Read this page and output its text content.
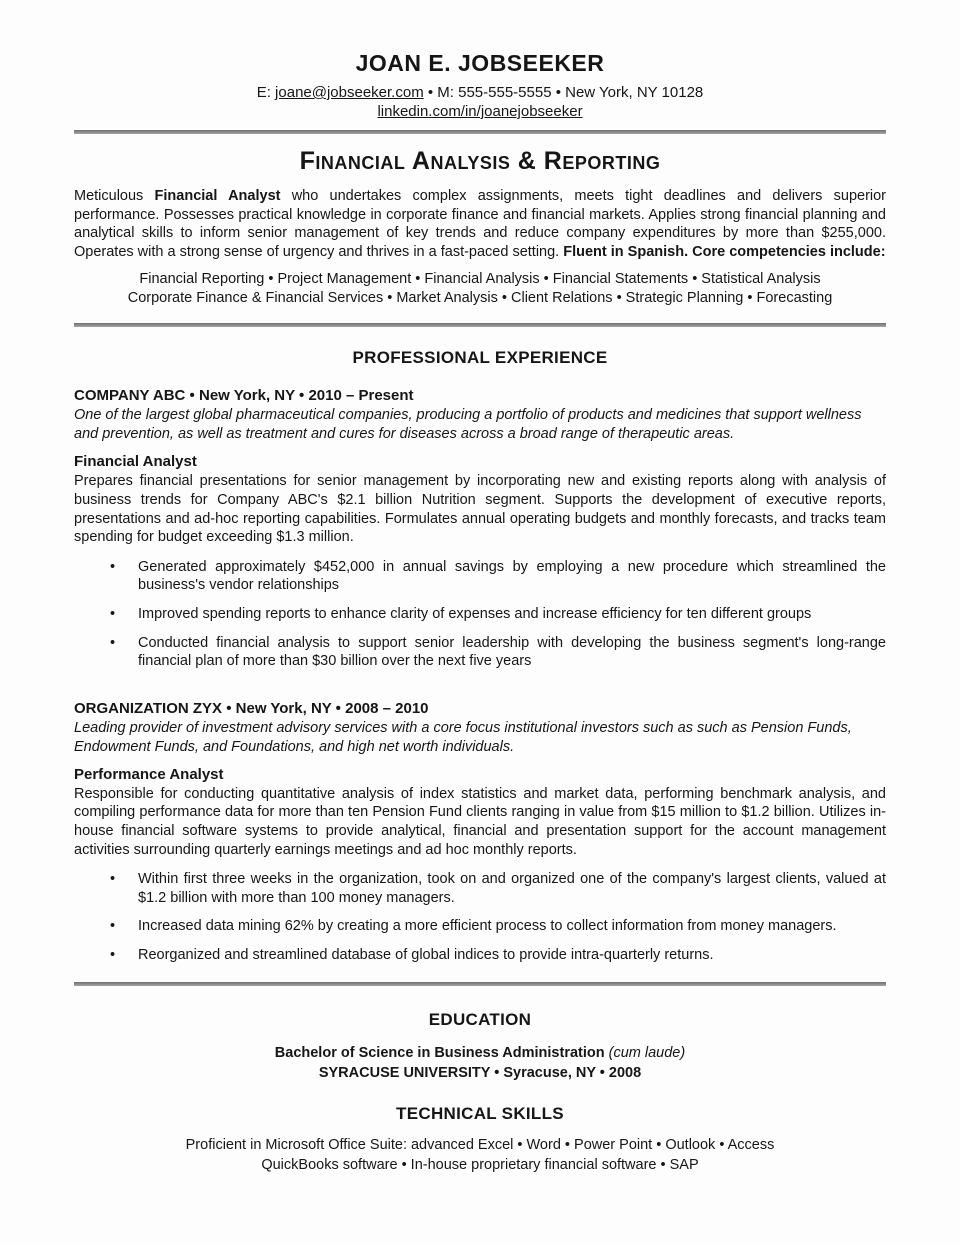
JOAN E. JOBSEEKER
E: joane@jobseeker.com • M: 555-555-5555 • New York, NY 10128
linkedin.com/in/joanejobseeker
Financial Analysis & Reporting

Meticulous Financial Analyst who undertakes complex assignments, meets tight deadlines and delivers superior performance. Possesses practical knowledge in corporate finance and financial markets. Applies strong financial planning and analytical skills to inform senior management of key trends and reduce company expenditures by more than $255,000. Operates with a strong sense of urgency and thrives in a fast-paced setting. Fluent in Spanish. Core competencies include:

Financial Reporting • Project Management • Financial Analysis • Financial Statements • Statistical Analysis
Corporate Finance & Financial Services • Market Analysis • Client Relations • Strategic Planning • Forecasting
PROFESSIONAL EXPERIENCE
COMPANY ABC • New York, NY • 2010 – Present
One of the largest global pharmaceutical companies, producing a portfolio of products and medicines that support wellness and prevention, as well as treatment and cures for diseases across a broad range of therapeutic areas.
Financial Analyst

Prepares financial presentations for senior management by incorporating new and existing reports along with analysis of business trends for Company ABC's $2.1 billion Nutrition segment. Supports the development of executive reports, presentations and ad-hoc reporting capabilities. Formulates annual operating budgets and monthly forecasts, and tracks team spending for budget exceeding $1.3 million.

• Generated approximately $452,000 in annual savings by employing a new procedure which streamlined the business's vendor relationships
• Improved spending reports to enhance clarity of expenses and increase efficiency for ten different groups
• Conducted financial analysis to support senior leadership with developing the business segment's long-range financial plan of more than $30 billion over the next five years
ORGANIZATION ZYX • New York, NY • 2008 – 2010
Leading provider of investment advisory services with a core focus institutional investors such as such as Pension Funds, Endowment Funds, and Foundations, and high net worth individuals.
Performance Analyst

Responsible for conducting quantitative analysis of index statistics and market data, performing benchmark analysis, and compiling performance data for more than ten Pension Fund clients ranging in value from $15 million to $1.2 billion. Utilizes in-house financial software systems to provide analytical, financial and presentation support for the account management activities surrounding quarterly earnings meetings and ad hoc monthly reports.

• Within first three weeks in the organization, took on and organized one of the company's largest clients, valued at $1.2 billion with more than 100 money managers.
• Increased data mining 62% by creating a more efficient process to collect information from money managers.
• Reorganized and streamlined database of global indices to provide intra-quarterly returns.
EDUCATION
Bachelor of Science in Business Administration (cum laude)
SYRACUSE UNIVERSITY • Syracuse, NY • 2008
TECHNICAL SKILLS
Proficient in Microsoft Office Suite: advanced Excel • Word • Power Point • Outlook • Access
QuickBooks software • In-house proprietary financial software • SAP
